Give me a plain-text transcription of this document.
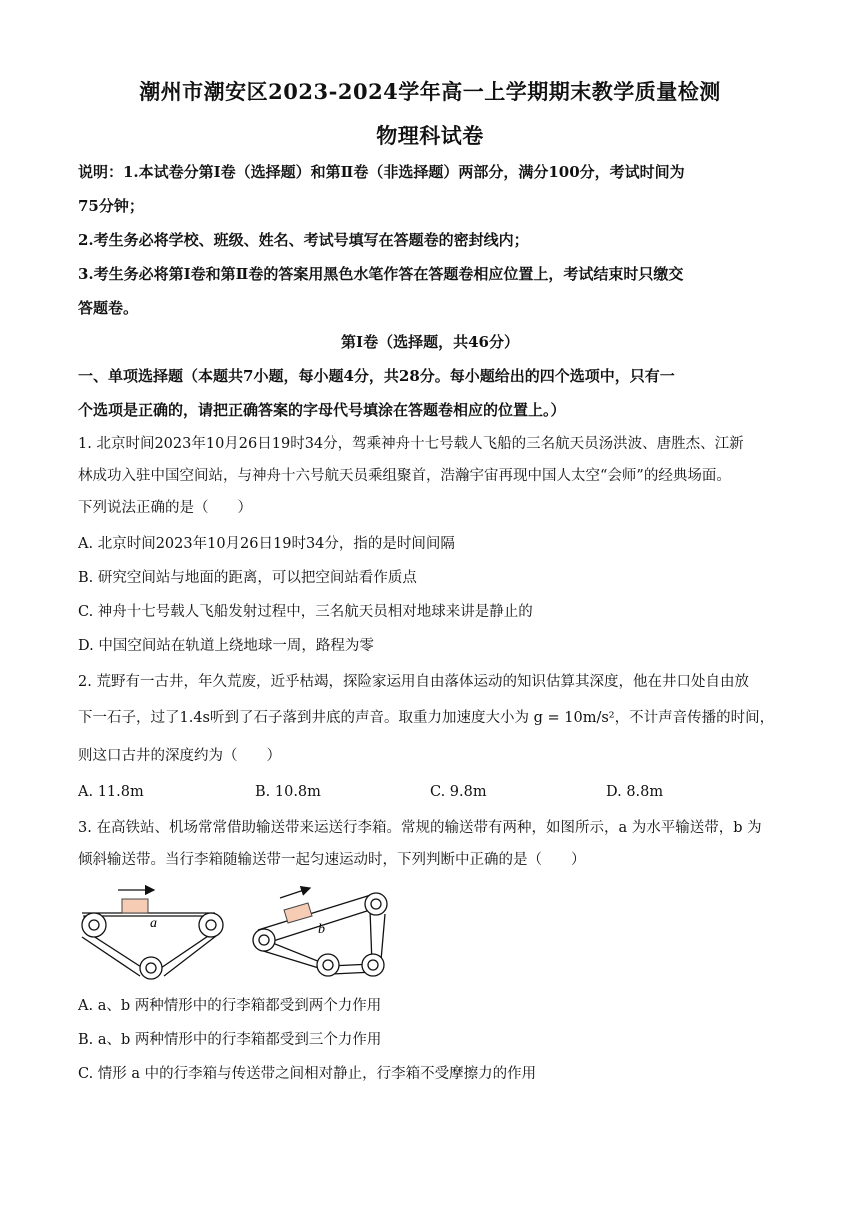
潮州市潮安区2023-2024学年高一上学期期末教学质量检测
物理科试卷
说明：1.本试卷分第Ⅰ卷（选择题）和第Ⅱ卷（非选择题）两部分，满分100分，考试时间为
75分钟；
2.考生务必将学校、班级、姓名、考试号填写在答题卷的密封线内；
3.考生务必将第Ⅰ卷和第Ⅱ卷的答案用黑色水笔作答在答题卷相应位置上，考试结束时只缴交
答题卷。
第Ⅰ卷（选择题，共46分）
一、单项选择题（本题共7小题，每小题4分，共28分。每小题给出的四个选项中，只有一
个选项是正确的，请把正确答案的字母代号填涂在答题卷相应的位置上。）
1. 北京时间2023年10月26日19时34分，驾乘神舟十七号载人飞船的三名航天员汤洪波、唐胜杰、江新
林成功入驻中国空间站，与神舟十六号航天员乘组聚首，浩瀚宇宙再现中国人太空“会师”的经典场面。
下列说法正确的是（　　）
A. 北京时间2023年10月26日19时34分，指的是时间间隔
B. 研究空间站与地面的距离，可以把空间站看作质点
C. 神舟十七号载人飞船发射过程中，三名航天员相对地球来讲是静止的
D. 中国空间站在轨道上绕地球一周，路程为零
2. 荒野有一古井，年久荒废，近乎枯竭，探险家运用自由落体运动的知识估算其深度，他在井口处自由放
下一石子，过了1.4s听到了石子落到井底的声音。取重力加速度大小为 g = 10m/s²，不计声音传播的时间，
则这口古井的深度约为（　　）
A. 11.8m	B. 10.8m	C. 9.8m	D. 8.8m
3. 在高铁站、机场常常借助输送带来运送行李箱。常规的输送带有两种，如图所示，a 为水平输送带，b 为
倾斜输送带。当行李箱随输送带一起匀速运动时，下列判断中正确的是（　　）
a	b
A. a、b 两种情形中的行李箱都受到两个力作用
B. a、b 两种情形中的行李箱都受到三个力作用
C. 情形 a 中的行李箱与传送带之间相对静止，行李箱不受摩擦力的作用
